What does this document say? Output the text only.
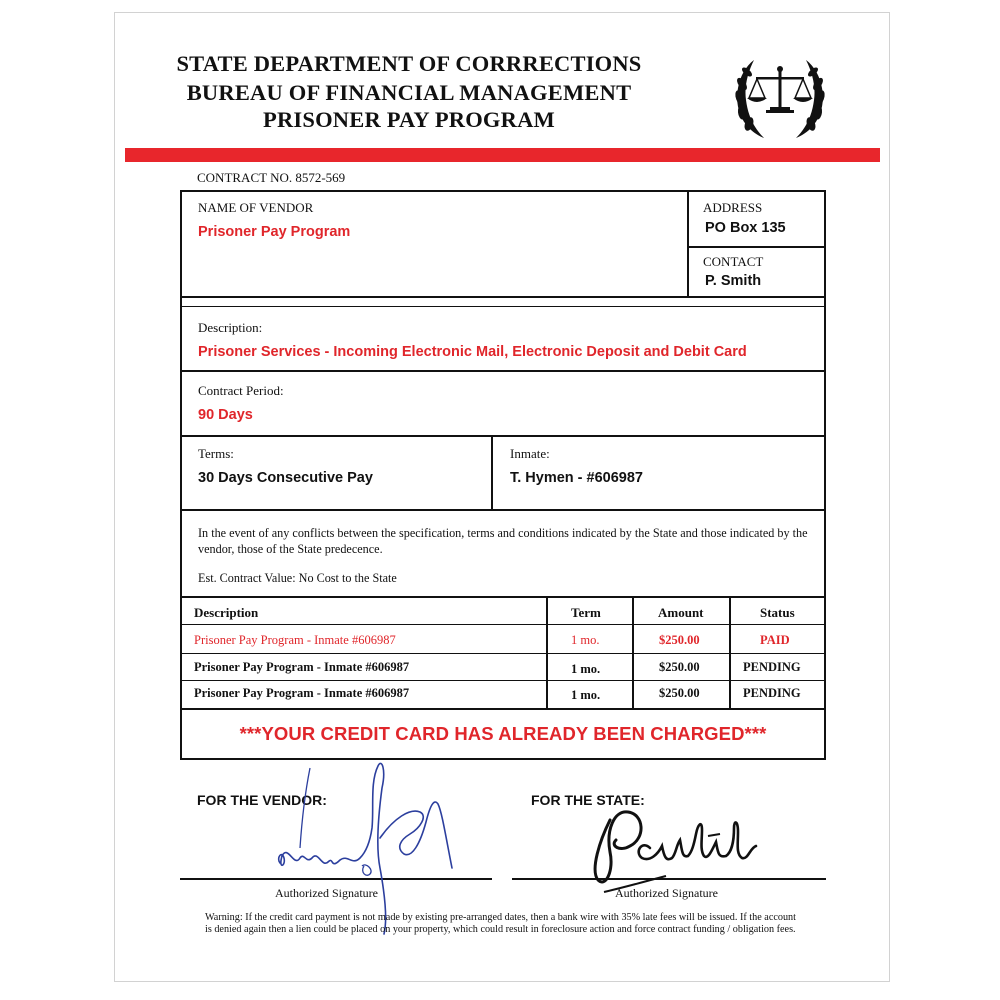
STATE DEPARTMENT OF CORRRECTIONS
BUREAU OF FINANCIAL MANAGEMENT
PRISONER PAY PROGRAM
CONTRACT NO. 8572-569
NAME OF VENDOR
Prisoner Pay Program
ADDRESS
PO Box 135
CONTACT
P. Smith
Description:
Prisoner Services - Incoming Electronic Mail, Electronic Deposit and Debit Card
Contract Period:
90 Days
Terms:
30 Days Consecutive Pay
Inmate:
T. Hymen - #606987
In the event of any conflicts between the specification, terms and conditions indicated by the State and those indicated by the vendor, those of the State predecence.
Est. Contract Value: No Cost to the State
Description	Term	Amount	Status
Prisoner Pay Program - Inmate #606987	1 mo.	$250.00	PAID
Prisoner Pay Program - Inmate #606987	1 mo.	$250.00	PENDING
Prisoner Pay Program - Inmate #606987	1 mo.	$250.00	PENDING
***YOUR CREDIT CARD HAS ALREADY BEEN CHARGED***
FOR THE VENDOR:	FOR THE STATE:
Authorized Signature	Authorized Signature
Warning: If the credit card payment is not made by existing pre-arranged dates, then a bank wire with 35% late fees will be issued. If the account is denied again then a lien could be placed on your property, which could result in foreclosure action and force contract funding / obligation fees.
